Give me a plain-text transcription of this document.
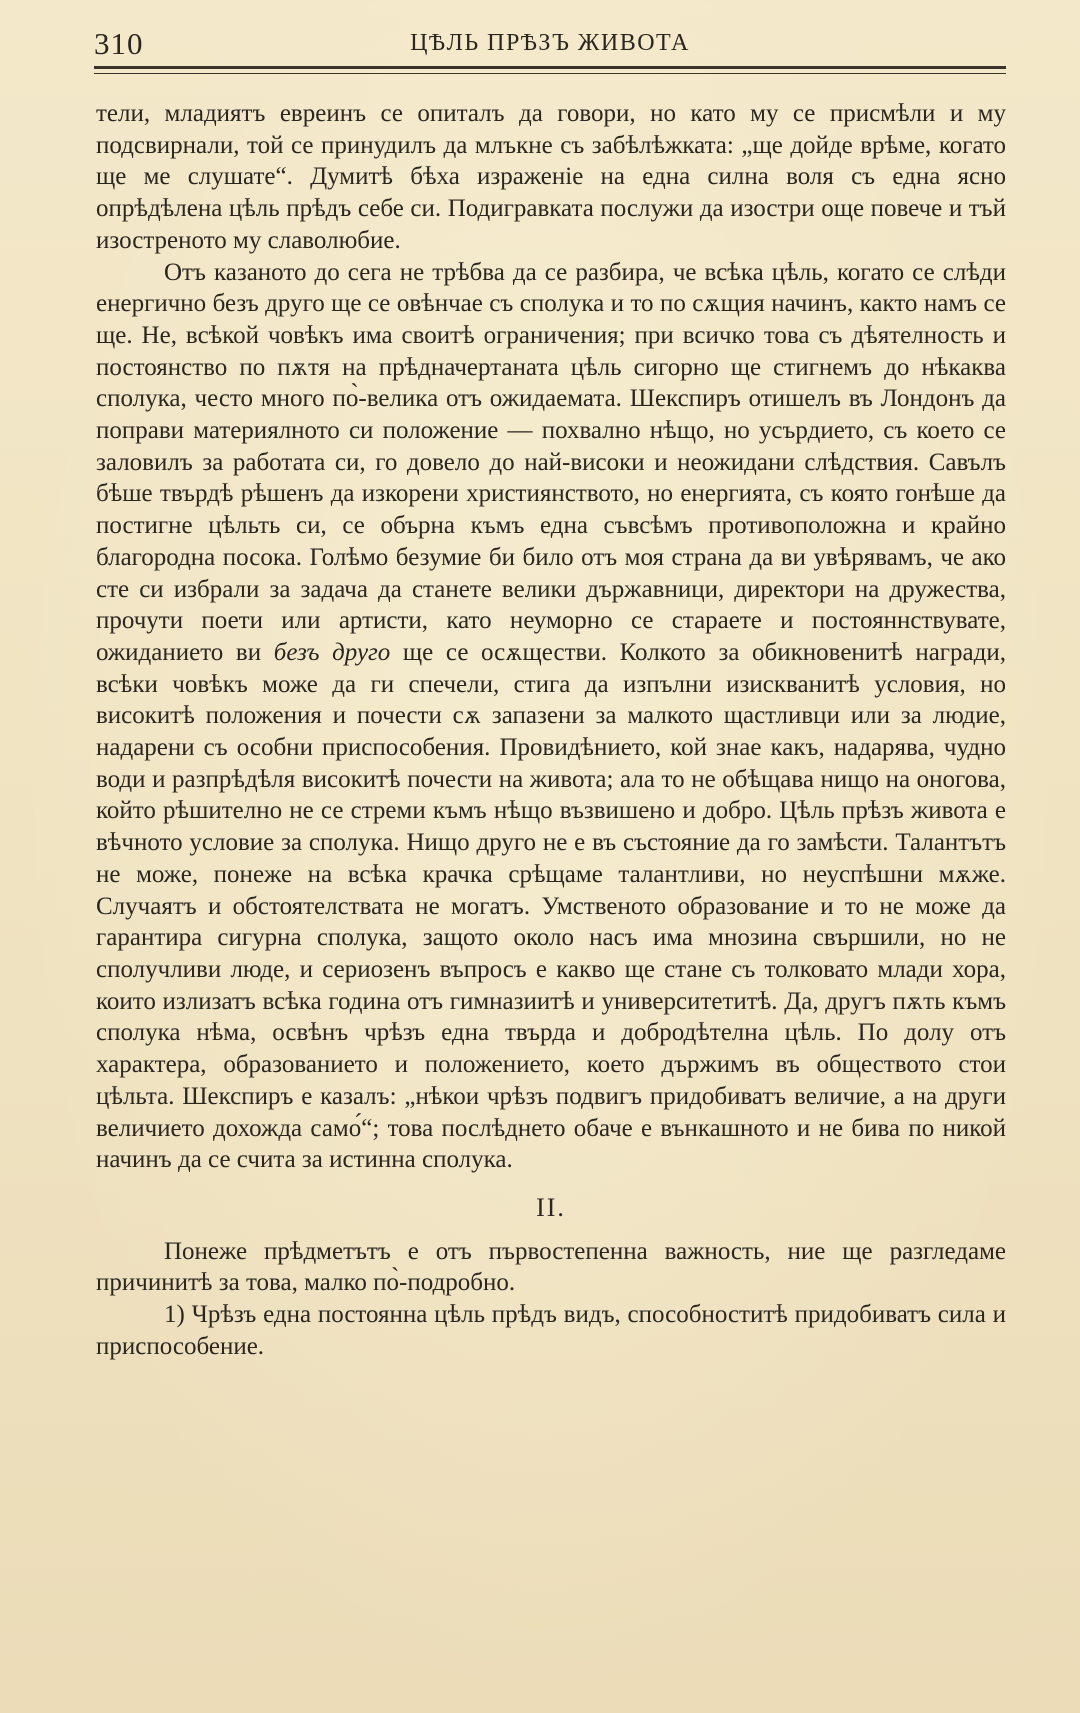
310	ЦѢЛЬ ПРѢЗЪ ЖИВОТА

тели, младиятъ евреинъ се опиталъ да говори, но като му се присмѣли и му подсвирнали, той се принудилъ да млъкне съ забѣлѣжката: „ще дойде врѣме, когато ще ме слушате“. Думитѣ бѣха израженiе на една силна воля съ една ясно опрѣдѣлена цѣль прѣдъ себе си. Подигравката послужи да изостри още повече и тъй изостреното му славолюбие.

Отъ казаното до сега не трѣбва да се разбира, че всѣка цѣль, когато се слѣди енергично безъ друго ще се овѣнчае съ сполука и то по сѫщия начинъ, както намъ се ще. Не, всѣкой човѣкъ има своитѣ ограничения; при всичко това съ дѣятелность и постоянство по пѫтя на прѣдначертаната цѣль сигорно ще стигнемъ до нѣкаква сполука, често много по̀-велика отъ ожидаемата. Шекспиръ отишелъ въ Лондонъ да поправи материялното си положение — похвално нѣщо, но усърдието, съ което се заловилъ за работата си, го довело до най-високи и неожидани слѣдствия. Савълъ бѣше твърдѣ рѣшенъ да изкорени християнството, но енергията, съ която гонѣше да постигне цѣльть си, се обърна къмъ една съвсѣмъ противоположна и крайно благородна посока. Голѣмо безумие би било отъ моя страна да ви увѣрявамъ, че ако сте си избрали за задача да станете велики държавници, директори на дружества, прочути поети или артисти, като неуморно се стараете и постояннствувате, ожиданието ви безъ друго ще се осѫществи. Колкото за обикновенитѣ награди, всѣки човѣкъ може да ги спечели, стига да изпълни изискванитѣ условия, но виcокитѣ положения и почести сѫ запазени за малкото щастливци или за людие, надарени съ особни приспособения. Провидѣнието, кой знае какъ, надарява, чудно води и разпрѣдѣля високитѣ почести на живота; ала то не обѣщава нищо на оногова, който рѣшително не се стреми къмъ нѣщо възвишено и добро. Цѣль прѣзъ живота е вѣчното условие за сполука. Нищо друго не е въ състояние да го замѣсти. Талантътъ не може, понеже на всѣка крачка срѣщаме талантливи, но неуспѣшни мѫже. Случаятъ и обстоятелствата не могатъ. Умственото образование и то не може да гарантира сигурна сполука, защото около насъ има мнозина свършили, но не сполучливи люде, и сериозенъ въпросъ е какво ще стане съ толковато млади хора, които излизатъ всѣка година отъ гимназиитѣ и университетитѣ. Да, другъ пѫть къмъ сполука нѣма, освѣнъ чрѣзъ една твърда и добродѣтелна цѣль. По долу отъ характера, образованието и положението, което държимъ въ обществото стои цѣльта. Шекспиръ е казалъ: „нѣкои чрѣзъ подвигъ придобиватъ величие, а на други величието дохожда само́“; това послѣднето обаче е вънкашното и не бива по никой начинъ да се счита за истинна сполука.

II.

Понеже прѣдметътъ е отъ първостепенна важность, ние ще разгледаме причинитѣ за това, малко по̀-подробно.

1) Чрѣзъ една постоянна цѣль прѣдъ видъ, способноститѣ придобиватъ сила и приспособение.
